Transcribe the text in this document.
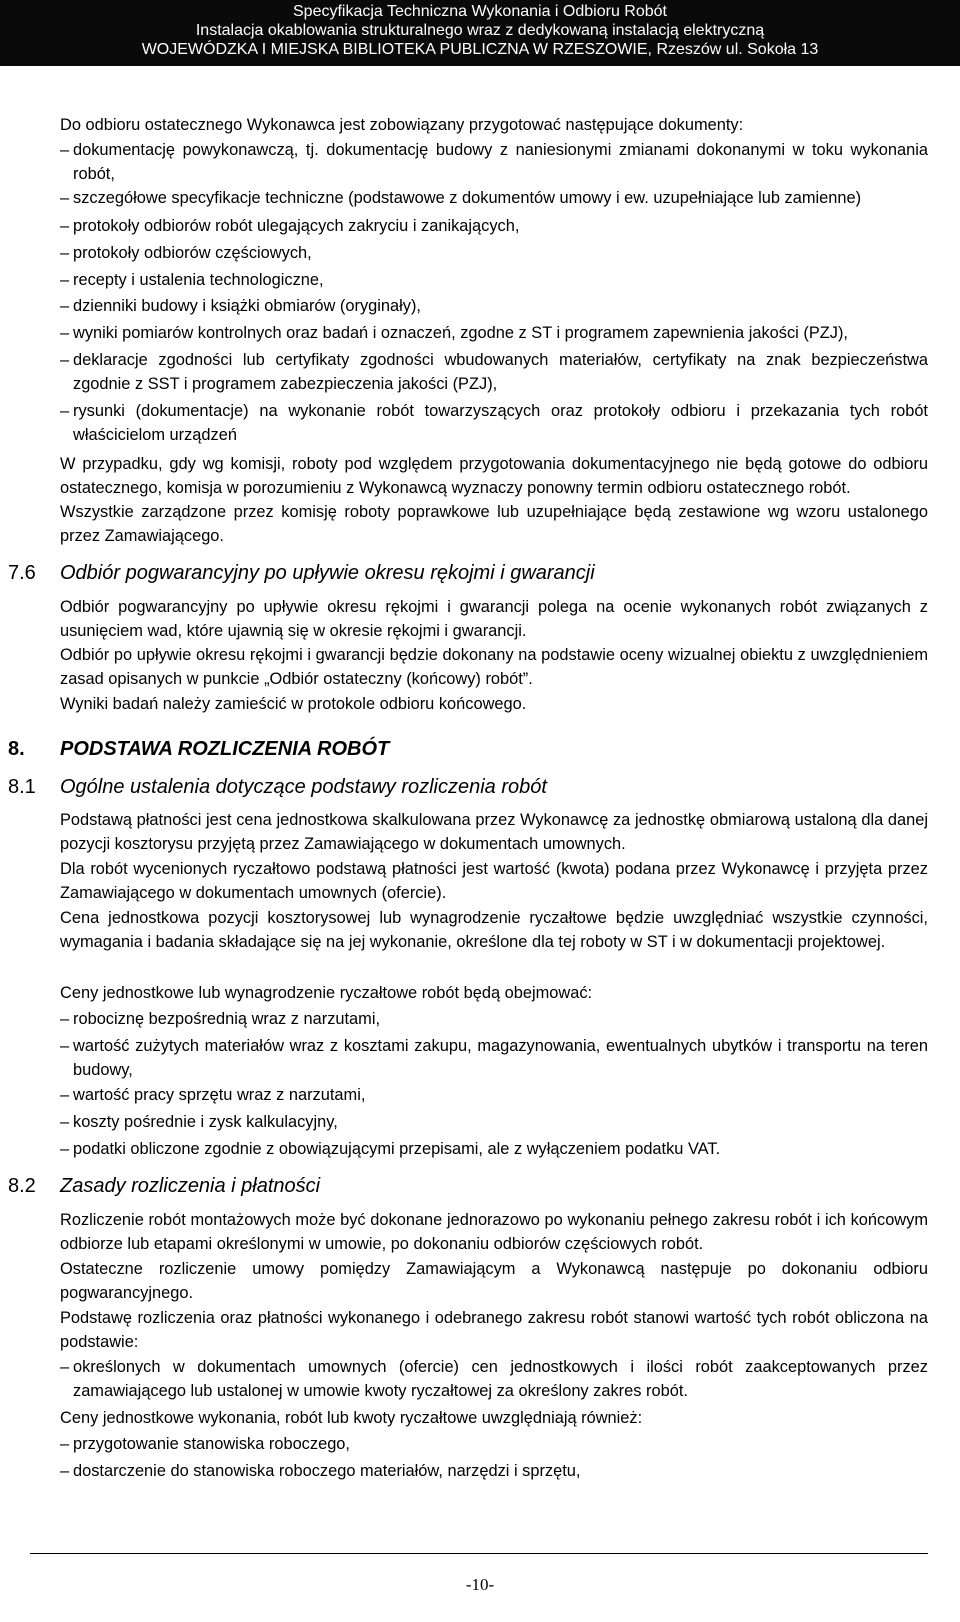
Specyfikacja Techniczna Wykonania i Odbioru Robót
Instalacja okablowania strukturalnego wraz z dedykowaną instalacją elektryczną
WOJEWÓDZKA I MIEJSKA BIBLIOTEKA PUBLICZNA W RZESZOWIE, Rzeszów ul. Sokoła 13
Do odbioru ostatecznego Wykonawca jest zobowiązany przygotować następujące dokumenty:
– dokumentację powykonawczą, tj. dokumentację budowy z naniesionymi zmianami dokonanymi w toku wykonania robót,
– szczegółowe specyfikacje techniczne (podstawowe z dokumentów umowy i ew. uzupełniające lub zamienne)
– protokoły odbiorów robót ulegających zakryciu i zanikających,
– protokoły odbiorów częściowych,
– recepty i ustalenia technologiczne,
– dzienniki budowy i książki obmiarów (oryginały),
– wyniki pomiarów kontrolnych oraz badań i oznaczeń, zgodne z ST i programem zapewnienia jakości (PZJ),
– deklaracje zgodności lub certyfikaty zgodności wbudowanych materiałów, certyfikaty na znak bezpieczeństwa zgodnie z SST i programem zabezpieczenia jakości (PZJ),
– rysunki (dokumentacje) na wykonanie robót towarzyszących oraz protokoły odbioru i przekazania tych robót właścicielom urządzeń
W przypadku, gdy wg komisji, roboty pod względem przygotowania dokumentacyjnego nie będą gotowe do odbioru ostatecznego, komisja w porozumieniu z Wykonawcą wyznaczy ponowny termin odbioru ostatecznego robót.
Wszystkie zarządzone przez komisję roboty poprawkowe lub uzupełniające będą zestawione wg wzoru ustalonego przez Zamawiającego.
7.6 Odbiór pogwarancyjny po upływie okresu rękojmi i gwarancji
Odbiór pogwarancyjny po upływie okresu rękojmi i gwarancji polega na ocenie wykonanych robót związanych z usunięciem wad, które ujawnią się w okresie rękojmi i gwarancji.
Odbiór po upływie okresu rękojmi i gwarancji będzie dokonany na podstawie oceny wizualnej obiektu z uwzględnieniem zasad opisanych w punkcie „Odbiór ostateczny (końcowy) robót”.
Wyniki badań należy zamieścić w protokole odbioru końcowego.
8. PODSTAWA ROZLICZENIA ROBÓT
8.1 Ogólne ustalenia dotyczące podstawy rozliczenia robót
Podstawą płatności jest cena jednostkowa skalkulowana przez Wykonawcę za jednostkę obmiarową ustaloną dla danej pozycji kosztorysu przyjętą przez Zamawiającego w dokumentach umownych.
Dla robót wycenionych ryczałtowo podstawą płatności jest wartość (kwota) podana przez Wykonawcę i przyjęta przez Zamawiającego w dokumentach umownych (ofercie).
Cena jednostkowa pozycji kosztorysowej lub wynagrodzenie ryczałtowe będzie uwzględniać wszystkie czynności, wymagania i badania składające się na jej wykonanie, określone dla tej roboty w ST i w dokumentacji projektowej.
Ceny jednostkowe lub wynagrodzenie ryczałtowe robót będą obejmować:
– robociznę bezpośrednią wraz z narzutami,
– wartość zużytych materiałów wraz z kosztami zakupu, magazynowania, ewentualnych ubytków i transportu na teren budowy,
– wartość pracy sprzętu wraz z narzutami,
– koszty pośrednie i zysk kalkulacyjny,
– podatki obliczone zgodnie z obowiązującymi przepisami, ale z wyłączeniem podatku VAT.
8.2 Zasady rozliczenia i płatności
Rozliczenie robót montażowych może być dokonane jednorazowo po wykonaniu pełnego zakresu robót i ich końcowym odbiorze lub etapami określonymi w umowie, po dokonaniu odbiorów częściowych robót.
Ostateczne rozliczenie umowy pomiędzy Zamawiającym a Wykonawcą następuje po dokonaniu odbioru pogwarancyjnego.
Podstawę rozliczenia oraz płatności wykonanego i odebranego zakresu robót stanowi wartość tych robót obliczona na podstawie:
– określonych w dokumentach umownych (ofercie) cen jednostkowych i ilości robót zaakceptowanych przez zamawiającego lub ustalonej w umowie kwoty ryczałtowej za określony zakres robót.
Ceny jednostkowe wykonania, robót lub kwoty ryczałtowe uwzględniają również:
– przygotowanie stanowiska roboczego,
– dostarczenie do stanowiska roboczego materiałów, narzędzi i sprzętu,
-10-
